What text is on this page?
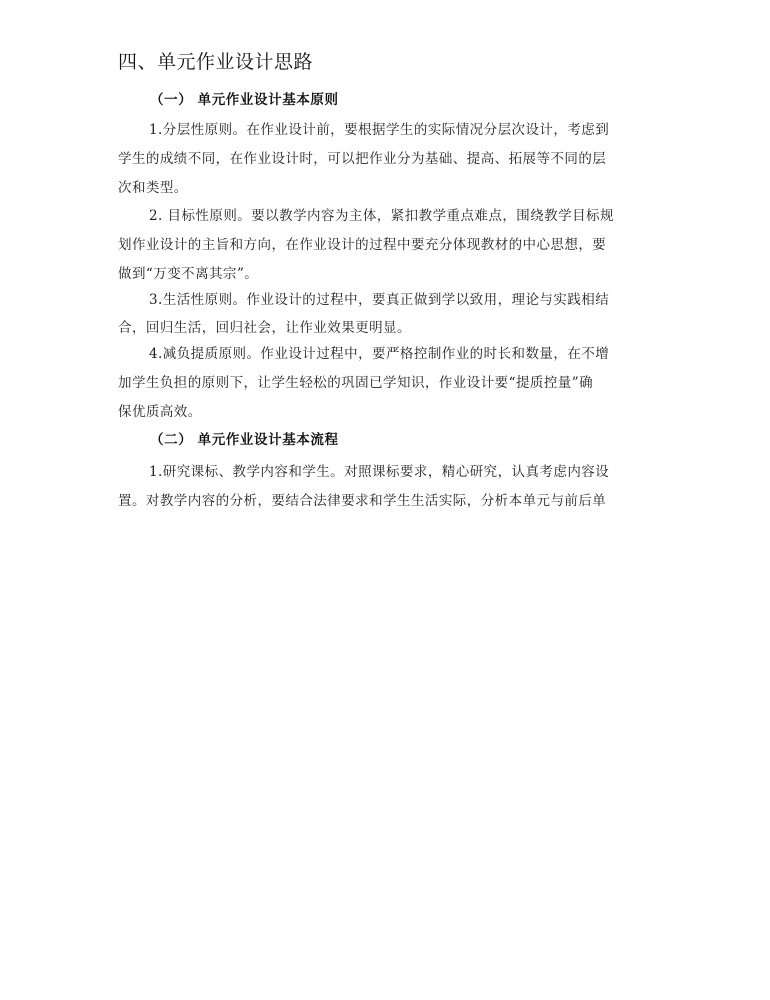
四、单元作业设计思路
（一） 单元作业设计基本原则
1.分层性原则。在作业设计前，要根据学生的实际情况分层次设计，考虑到
学生的成绩不同，在作业设计时，可以把作业分为基础、提高、拓展等不同的层
次和类型。
2. 目标性原则。要以教学内容为主体，紧扣教学重点难点，围绕教学目标规
划作业设计的主旨和方向，在作业设计的过程中要充分体现教材的中心思想，要
做到“万变不离其宗”。
3.生活性原则。作业设计的过程中，要真正做到学以致用，理论与实践相结
合，回归生活，回归社会，让作业效果更明显。
4.减负提质原则。作业设计过程中，要严格控制作业的时长和数量，在不增
加学生负担的原则下，让学生轻松的巩固已学知识，作业设计要“提质控量”确
保优质高效。
（二） 单元作业设计基本流程
1.研究课标、教学内容和学生。对照课标要求，精心研究，认真考虑内容设
置。对教学内容的分析，要结合法律要求和学生生活实际，分析本单元与前后单
